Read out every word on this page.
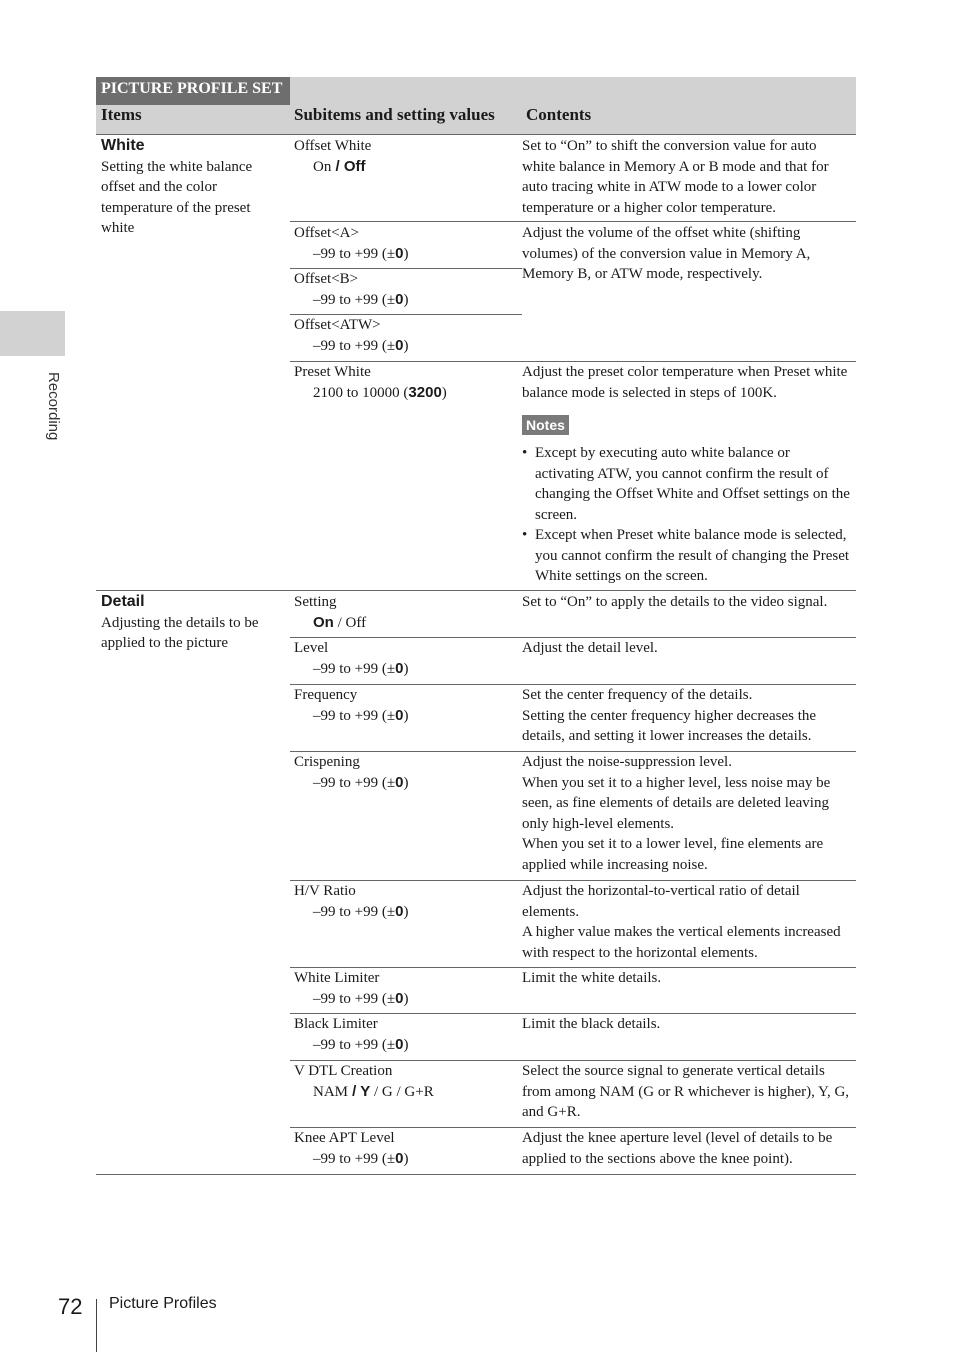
Recording
PICTURE PROFILE SET
Items	Subitems and setting values Contents
White
Setting the white balance offset and the color temperature of the preset white
Offset White
On / Off
Set to “On” to shift the conversion value for auto white balance in Memory A or B mode and that for auto tracing white in ATW mode to a lower color temperature or a higher color temperature.
Offset<A>
–99 to +99 (±0)
Adjust the volume of the offset white (shifting volumes) of the conversion value in Memory A, Memory B, or ATW mode, respectively.
Offset<B>
–99 to +99 (±0)
Offset<ATW>
–99 to +99 (±0)
Preset White
2100 to 10000 (3200)
Adjust the preset color temperature when Preset white balance mode is selected in steps of 100K.
Notes
• Except by executing auto white balance or activating ATW, you cannot confirm the result of changing the Offset White and Offset settings on the screen.
• Except when Preset white balance mode is selected, you cannot confirm the result of changing the Preset White settings on the screen.
Detail
Adjusting the details to be applied to the picture
Setting
On / Off
Set to “On” to apply the details to the video signal.
Level
–99 to +99 (±0)
Adjust the detail level.
Frequency
–99 to +99 (±0)
Set the center frequency of the details.
Setting the center frequency higher decreases the details, and setting it lower increases the details.
Crispening
–99 to +99 (±0)
Adjust the noise-suppression level.
When you set it to a higher level, less noise may be seen, as fine elements of details are deleted leaving only high-level elements.
When you set it to a lower level, fine elements are applied while increasing noise.
H/V Ratio
–99 to +99 (±0)
Adjust the horizontal-to-vertical ratio of detail elements.
A higher value makes the vertical elements increased with respect to the horizontal elements.
White Limiter
–99 to +99 (±0)
Limit the white details.
Black Limiter
–99 to +99 (±0)
Limit the black details.
V DTL Creation
NAM / Y / G / G+R
Select the source signal to generate vertical details from among NAM (G or R whichever is higher), Y, G, and G+R.
Knee APT Level
–99 to +99 (±0)
Adjust the knee aperture level (level of details to be applied to the sections above the knee point).
72 Picture Profiles
